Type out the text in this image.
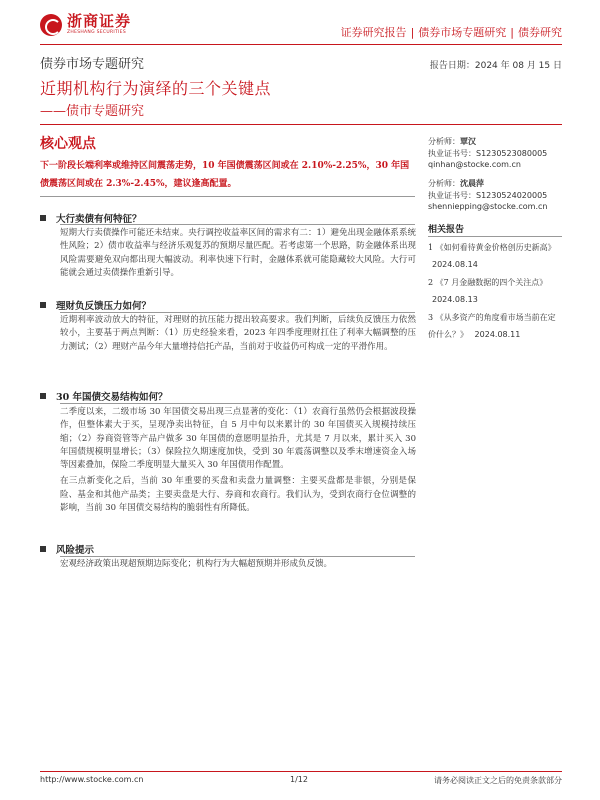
浙商证券
ZHESHANG SECURITIES	证券研究报告 | 债券市场专题研究 | 债券研究
债券市场专题研究	报告日期：2024 年 08 月 15 日
近期机构行为演绎的三个关键点
——债市专题研究
核心观点
下一阶段长端利率或维持区间震荡走势，10 年国债震荡区间或在 2.10%-2.25%，30 年国债震荡区间或在 2.3%-2.45%，建议逢高配置。
大行卖债有何特征？

短期大行卖债操作可能还未结束。央行调控收益率区间的需求有二：1）避免出现金融体系系统性风险；2）债市收益率与经济乐观复苏的预期尽量匹配。若考虑第一个思路，防金融体系出现风险需要避免双向都出现大幅波动。利率快速下行时，金融体系就可能隐藏较大风险。大行可能就会通过卖债操作重新引导。

理财负反馈压力如何？

近期利率波动放大的特征，对理财的抗压能力提出较高要求。我们判断，后续负反馈压力依然较小，主要基于两点判断：（1）历史经验来看，2023 年四季度理财扛住了利率大幅调整的压力测试；（2）理财产品今年大量增持信托产品，当前对于收益仍可构成一定的平滑作用。

30 年国债交易结构如何？

二季度以来，二级市场 30 年国债交易出现三点显著的变化：（1）农商行虽然仍会根据波段操作，但整体素大于买，呈现净卖出特征，自 5 月中旬以来累计的 30 年国债买入规模持续压缩；（2）券商资管等产品户做多 30 年国债的意愿明显抬升，尤其是 7 月以来，累计买入 30 年国债规模明显增长；（3）保险拉久期速度加快，受到 30 年震荡调整以及季末增速资金入场等因素叠加，保险二季度明显大量买入 30 年国债用作配置。

在三点新变化之后，当前 30 年重要的买盘和卖盘力量调整：主要买盘都是非银，分别是保险、基金和其他产品类；主要卖盘是大行、券商和农商行。我们认为，受到农商行仓位调整的影响，当前 30 年国债交易结构的脆弱性有所降低。

风险提示

宏观经济政策出现超预期边际变化；机构行为大幅超预期并形成负反馈。

分析师：覃汉
执业证书号：S1230523080005
qinhan@stocke.com.cn
分析师：沈晨萍
执业证书号：S1230524020005
shenniepping@stocke.com.cn
相关报告
1 《如何看待黄金价格创历史新高》 2024.08.14
2 《7 月金融数据的四个关注点》 2024.08.13
3 《从多资产的角度看市场当前在定价什么？》 2024.08.11
http://www.stocke.com.cn	1/12	请务必阅读正文之后的免责条款部分
